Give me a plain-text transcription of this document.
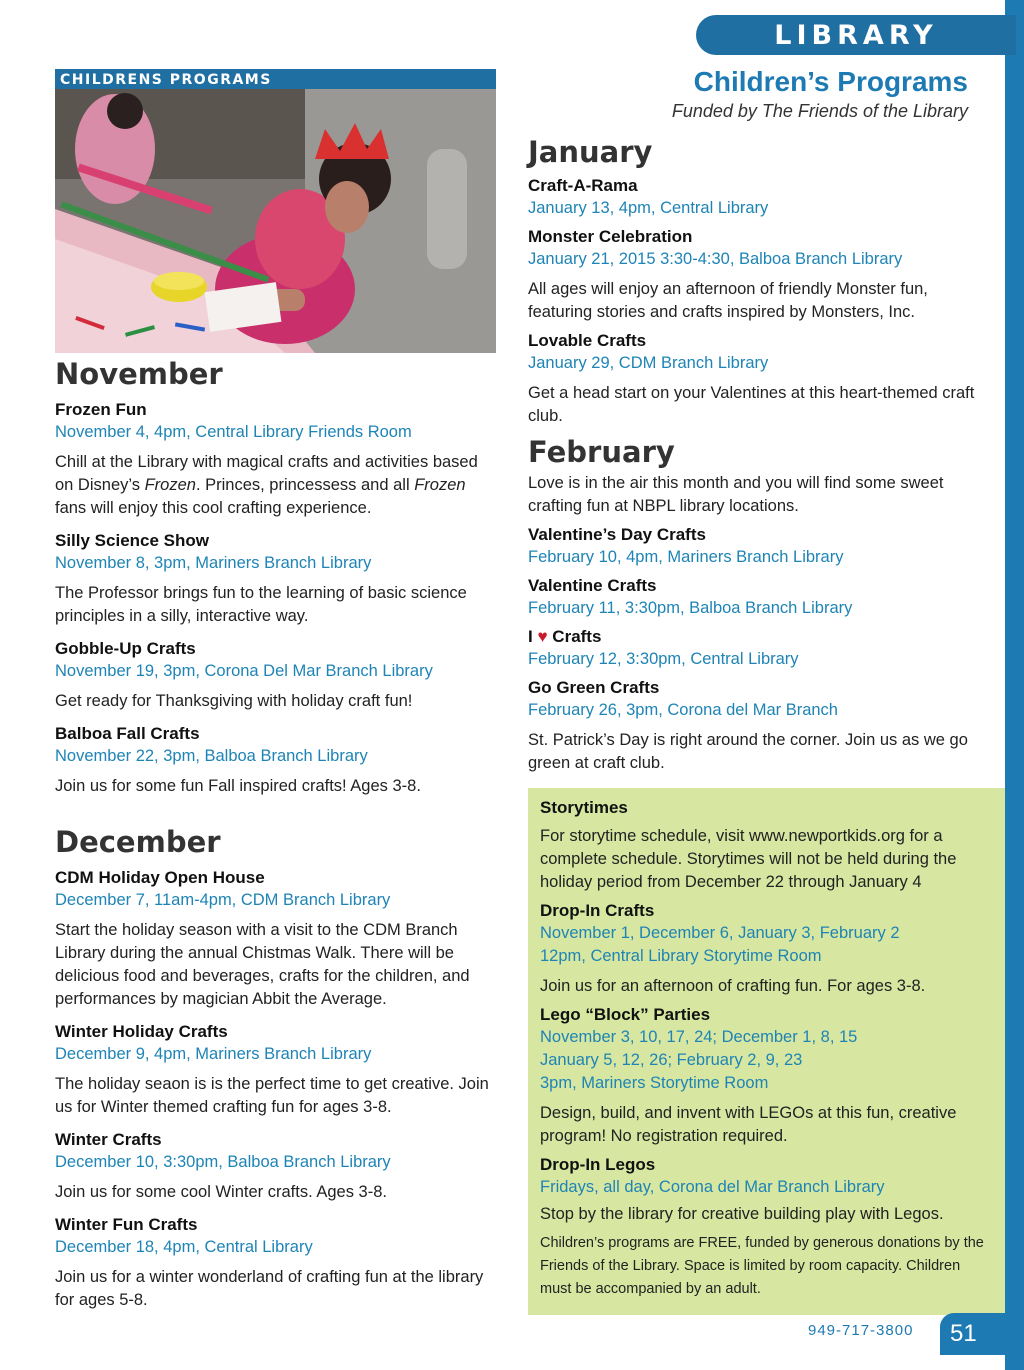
LIBRARY
Children’s Programs
Funded by The Friends of the Library
CHILDRENS PROGRAMS
November
Frozen Fun
November 4, 4pm, Central Library Friends Room
Chill at the Library with magical crafts and activities based on Disney’s Frozen. Princes, princessess and all Frozen fans will enjoy this cool crafting experience.
Silly Science Show
November 8, 3pm, Mariners Branch Library
The Professor brings fun to the learning of basic science principles in a silly, interactive way.
Gobble-Up Crafts
November 19, 3pm, Corona Del Mar Branch Library
Get ready for Thanksgiving with holiday craft fun!
Balboa Fall Crafts
November 22, 3pm, Balboa Branch Library
Join us for some fun Fall inspired crafts! Ages 3-8.
December
CDM Holiday Open House
December 7, 11am-4pm, CDM Branch Library
Start the holiday season with a visit to the CDM Branch Library during the annual Chistmas Walk. There will be delicious food and beverages, crafts for the children, and performances by magician Abbit the Average.
Winter Holiday Crafts
December 9, 4pm, Mariners Branch Library
The holiday seaon is is the perfect time to get creative. Join us for Winter themed crafting fun for ages 3-8.
Winter Crafts
December 10, 3:30pm, Balboa Branch Library
Join us for some cool Winter crafts. Ages 3-8.
Winter Fun Crafts
December 18, 4pm, Central Library
Join us for a winter wonderland of crafting fun at the library for ages 5-8.
January
Craft-A-Rama
January 13, 4pm, Central Library
Monster Celebration
January 21, 2015 3:30-4:30, Balboa Branch Library
All ages will enjoy an afternoon of friendly Monster fun, featuring stories and crafts inspired by Monsters, Inc.
Lovable Crafts
January 29, CDM Branch Library
Get a head start on your Valentines at this heart-themed craft club.
February
Love is in the air this month and you will find some sweet crafting fun at NBPL library locations.
Valentine’s Day Crafts
February 10, 4pm, Mariners Branch Library
Valentine Crafts
February 11, 3:30pm, Balboa Branch Library
I ♥ Crafts
February 12, 3:30pm, Central Library
Go Green Crafts
February 26, 3pm, Corona del Mar Branch
St. Patrick’s Day is right around the corner. Join us as we go green at craft club.
Storytimes
For storytime schedule, visit www.newportkids.org for a complete schedule. Storytimes will not be held during the holiday period from December 22 through January 4
Drop-In Crafts
November 1, December 6, January 3, February 2
12pm, Central Library Storytime Room
Join us for an afternoon of crafting fun. For ages 3-8.
Lego “Block” Parties
November 3, 10, 17, 24; December 1, 8, 15
January 5, 12, 26; February 2, 9, 23
3pm, Mariners Storytime Room
Design, build, and invent with LEGOs at this fun, creative program! No registration required.
Drop-In Legos
Fridays, all day, Corona del Mar Branch Library
Stop by the library for creative building play with Legos.
Children’s programs are FREE, funded by generous donations by the Friends of the Library. Space is limited by room capacity. Children must be accompanied by an adult.
949-717-3800	51
